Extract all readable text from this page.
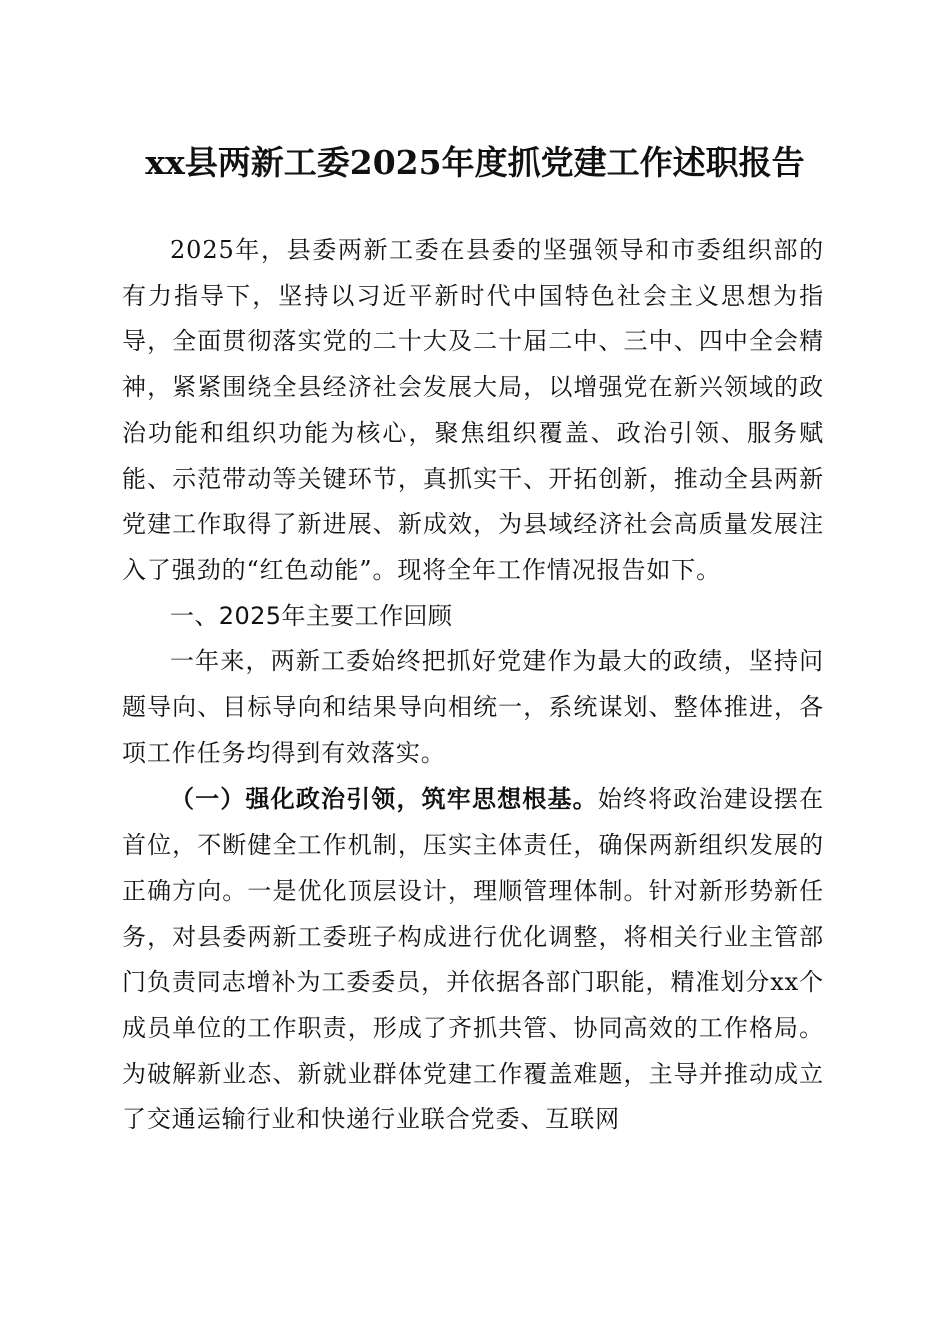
xx县两新工委2025年度抓党建工作述职报告

2025年，县委两新工委在县委的坚强领导和市委组织部的有力指导下，坚持以习近平新时代中国特色社会主义思想为指导，全面贯彻落实党的二十大及二十届二中、三中、四中全会精神，紧紧围绕全县经济社会发展大局，以增强党在新兴领域的政治功能和组织功能为核心，聚焦组织覆盖、政治引领、服务赋能、示范带动等关键环节，真抓实干、开拓创新，推动全县两新党建工作取得了新进展、新成效，为县域经济社会高质量发展注入了强劲的“红色动能”。现将全年工作情况报告如下。

一、2025年主要工作回顾

一年来，两新工委始终把抓好党建作为最大的政绩，坚持问题导向、目标导向和结果导向相统一，系统谋划、整体推进，各项工作任务均得到有效落实。

（一）强化政治引领，筑牢思想根基。始终将政治建设摆在首位，不断健全工作机制，压实主体责任，确保两新组织发展的正确方向。一是优化顶层设计，理顺管理体制。针对新形势新任务，对县委两新工委班子构成进行优化调整，将相关行业主管部门负责同志增补为工委委员，并依据各部门职能，精准划分xx个成员单位的工作职责，形成了齐抓共管、协同高效的工作格局。为破解新业态、新就业群体党建工作覆盖难题，主导并推动成立了交通运输行业和快递行业联合党委、互联网
